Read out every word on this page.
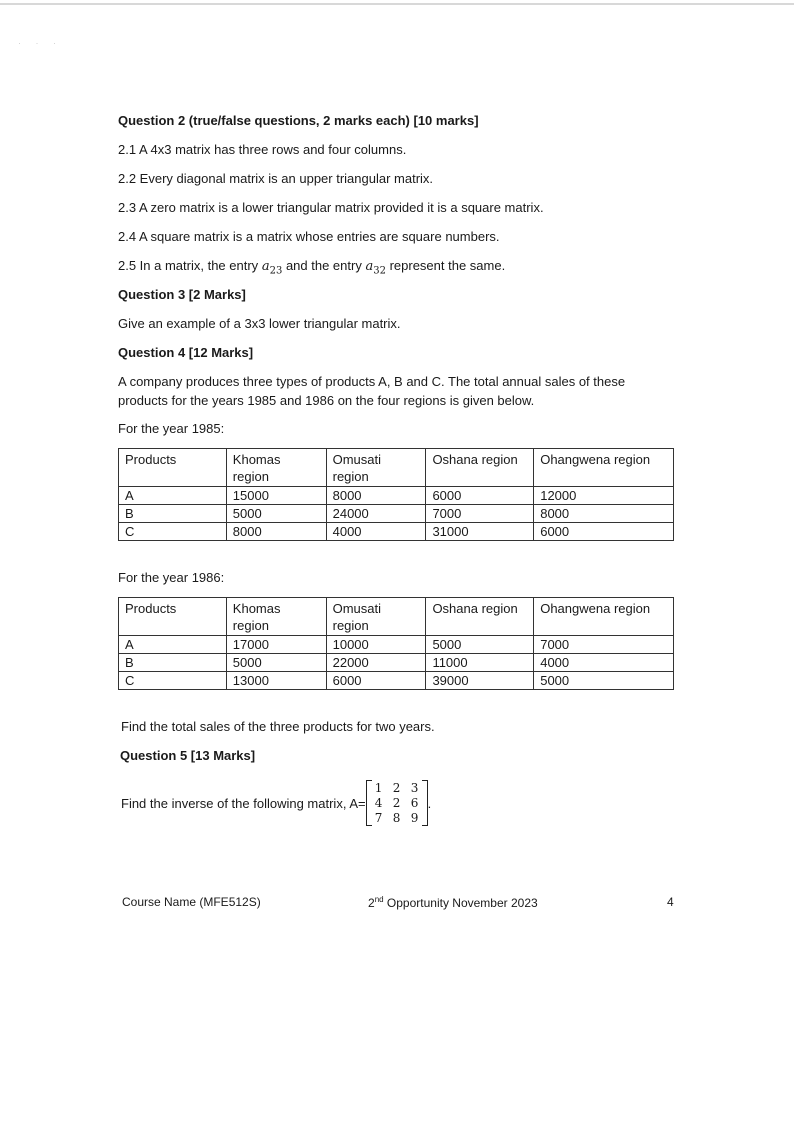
· · ·
Question 2 (true/false questions, 2 marks each) [10 marks]
2.1 A 4x3 matrix has three rows and four columns.
2.2 Every diagonal matrix is an upper triangular matrix.
2.3 A zero matrix is a lower triangular matrix provided it is a square matrix.
2.4 A square matrix is a matrix whose entries are square numbers.
2.5 In a matrix, the entry $a_{23}$ and the entry $a_{32}$ represent the same.
Question 3 [2 Marks]
Give an example of a 3x3 lower triangular matrix.
Question 4 [12 Marks]
A company produces three types of products A, B and C. The total annual sales of these products for the years 1985 and 1986 on the four regions is given below.
For the year 1985:
Products	Khomas region	Omusati region	Oshana region	Ohangwena region
A	15000	8000	6000	12000
B	5000	24000	7000	8000
C	8000	4000	31000	6000
For the year 1986:
Products	Khomas region	Omusati region	Oshana region	Ohangwena region
A	17000	10000	5000	7000
B	5000	22000	11000	4000
C	13000	6000	39000	5000
Find the total sales of the three products for two years.
Question 5 [13 Marks]
Find the inverse of the following matrix, A=
1 2 3
4 2 6
7 8 9
.
Course Name (MFE512S)	2nd Opportunity November 2023	4
